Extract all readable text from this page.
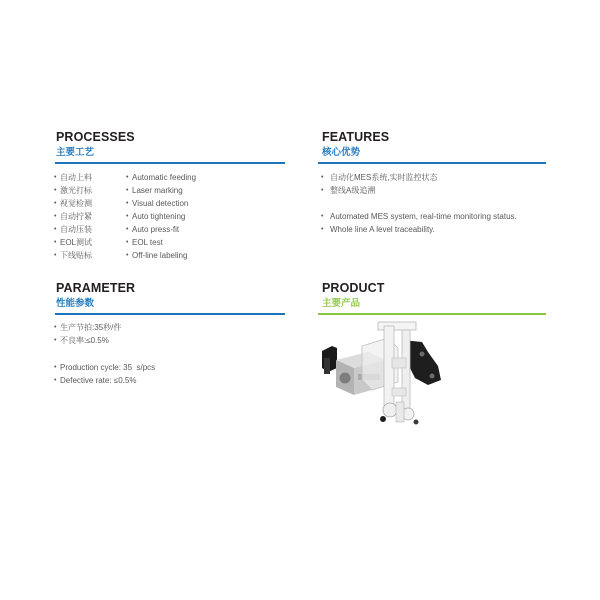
PROCESSES
主要工艺
• 自动上料
• 激光打标
• 视觉检测
• 自动拧紧
• 自动压装
• EOL测试
• 下线贴标
• Automatic feeding
• Laser marking
• Visual detection
• Auto tightening
• Auto press-fit
• EOL test
• Off-line labeling
FEATURES
核心优势
• 自动化MES系统,实时监控状态
• 整线A级追溯
• Automated MES system, real-time monitoring status.
• Whole line A level traceability.
PARAMETER
性能参数
• 生产节拍:35秒/件
• 不良率:≤0.5%
• Production cycle: 35  s/pcs
• Defective rate: ≤0.5%
PRODUCT
主要产品
